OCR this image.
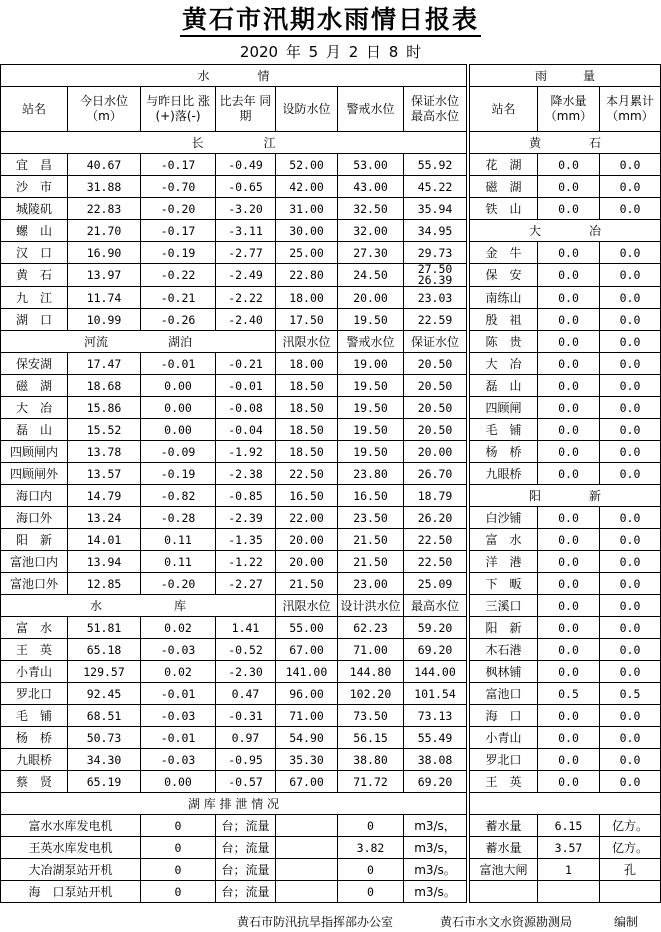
黄石市汛期水雨情日报表
2020 年 5 月 2 日 8 时
水　　　　情								雨　　　量		
站名	今日水位（m）	与昨日比 涨(+)落(-)	比去年 同　期	设防水位	警戒水位	保证水位 最高水位		站名	降水量（mm）	本月累计（mm）
长　　　　　江								黄　　　　石		
宜　昌	40.67	-0.17	-0.49	52.00	53.00	55.92		花　湖	0.0	0.0
沙　市	31.88	-0.70	-0.65	42.00	43.00	45.22		磁　湖	0.0	0.0
城陵矶	22.83	-0.20	-3.20	31.00	32.50	35.94		铁　山	0.0	0.0
螺　山	21.70	-0.17	-3.11	30.00	32.00	34.95		大　　　　冶		
汉　口	16.90	-0.19	-2.77	25.00	27.30	29.73		金　牛	0.0	0.0
黄　石	13.97	-0.22	-2.49	22.80	24.50	27.50 26.39		保　安	0.0	0.0
九　江	11.74	-0.21	-2.22	18.00	20.00	23.03		南练山	0.0	0.0
湖　口	10.99	-0.26	-2.40	17.50	19.50	22.59		殷　祖	0.0	0.0
河流　　　　　湖泊				汛限水位	警戒水位	保证水位		陈　贵	0.0	0.0
保安湖	17.47	-0.01	-0.21	18.00	19.00	20.50		大　冶	0.0	0.0
磁　湖	18.68	0.00	-0.01	18.50	19.50	20.50		磊　山	0.0	0.0
大　冶	15.86	0.00	-0.08	18.50	19.50	20.50		四顾闸	0.0	0.0
磊　山	15.52	0.00	-0.04	18.50	19.50	20.50		毛　铺	0.0	0.0
四顾闸内	13.78	-0.09	-1.92	18.50	19.50	20.00		杨　桥	0.0	0.0
四顾闸外	13.57	-0.19	-2.38	22.50	23.80	26.70		九眼桥	0.0	0.0
海口内	14.79	-0.82	-0.85	16.50	16.50	18.79		阳　　　　新		
海口外	13.24	-0.28	-2.39	22.00	23.50	26.20		白沙铺	0.0	0.0
阳　新	14.01	0.11	-1.35	20.00	21.50	22.50		富　水	0.0	0.0
富池口内	13.94	0.11	-1.22	20.00	21.50	22.50		洋　港	0.0	0.0
富池口外	12.85	-0.20	-2.27	21.50	23.00	25.09		下　畈	0.0	0.0
水　　　　　　库				汛限水位	设计洪水位	最高水位		三溪口	0.0	0.0
富　水	51.81	0.02	1.41	55.00	62.23	59.20		阳　新	0.0	0.0
王　英	65.18	-0.03	-0.52	67.00	71.00	69.20		木石港	0.0	0.0
小青山	129.57	0.02	-2.30	141.00	144.80	144.00		枫林铺	0.0	0.0
罗北口	92.45	-0.01	0.47	96.00	102.20	101.54		富池口	0.5	0.5
毛　铺	68.51	-0.03	-0.31	71.00	73.50	73.13		海　口	0.0	0.0
杨　桥	50.73	-0.01	0.97	54.90	56.15	55.49		小青山	0.0	0.0
九眼桥	34.30	-0.03	-0.95	35.30	38.80	38.08		罗北口	0.0	0.0
蔡　贤	65.19	0.00	-0.57	67.00	71.72	69.20		王　英	0.0	0.0
湖 库 排 泄 情 况										
富水水库发电机		0	台；流量		0	m3/s，		蓄水量	6.15	亿方。
王英水库发电机		0	台；流量		3.82	m3/s，		蓄水量	3.57	亿方。
大冶湖泵站开机		0	台；流量		0	m3/s。		富池大闸	1	孔
海　口泵站开机		0	台；流量		0	m3/s。				
黄石市防汛抗旱指挥部办公室	黄石市水文水资源勘测局	编制
